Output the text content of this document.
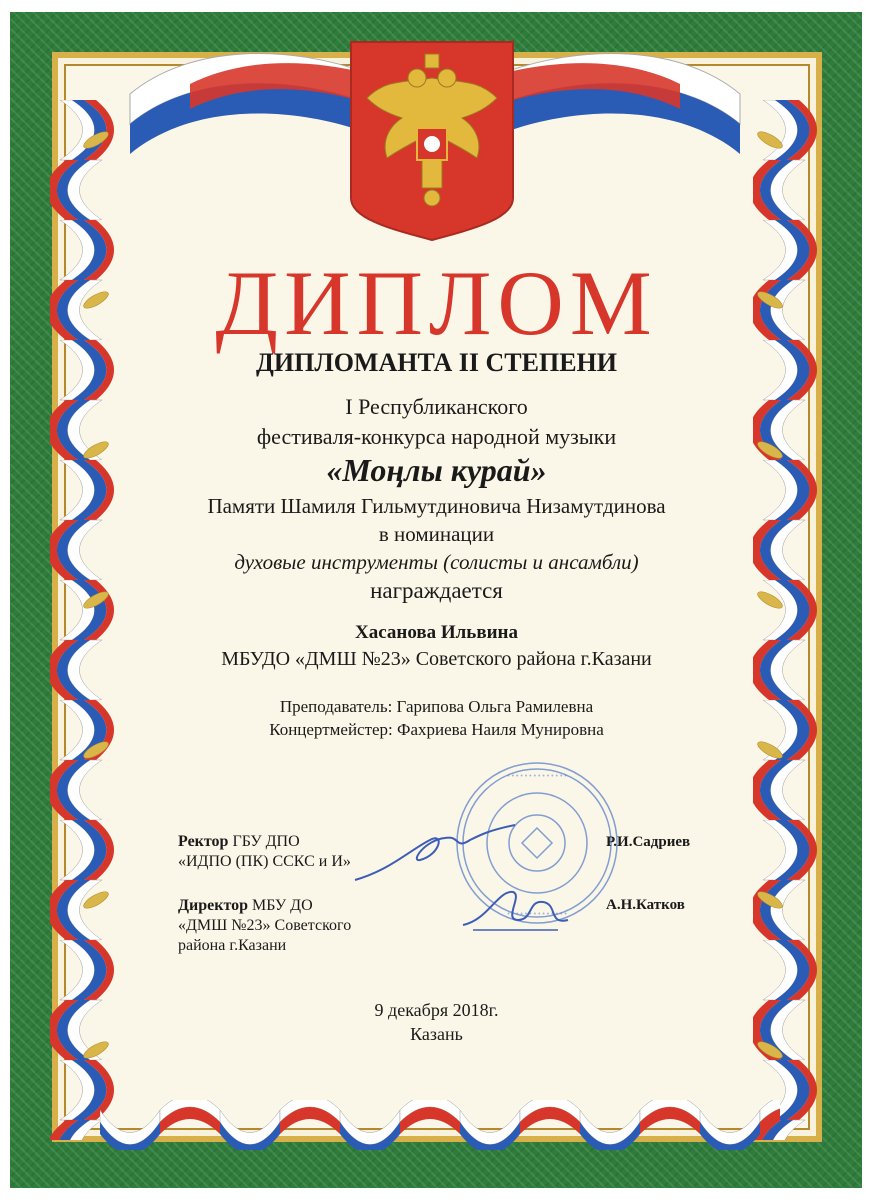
ДИПЛОМ
ДИПЛОМАНТА II СТЕПЕНИ
I Республиканского
фестиваля-конкурса народной музыки
«Моңлы курай»
Памяти Шамиля Гильмутдиновича Низамутдинова
в номинации
духовые инструменты (солисты и ансамбли)
награждается
Хасанова Ильвина
МБУДО «ДМШ №23» Советского района г.Казани
Преподаватель: Гарипова Ольга Рамилевна
Концертмейстер: Фахриева Наиля Мунировна
• • • • • • • • • • • • • •
• • • • • • • • • • • • • •
Ректор ГБУ ДПО
«ИДПО (ПК) ССКС и И»
Р.И.Садриев
Директор МБУ ДО
«ДМШ №23» Советского
района г.Казани
А.Н.Катков
9 декабря 2018г.
Казань
